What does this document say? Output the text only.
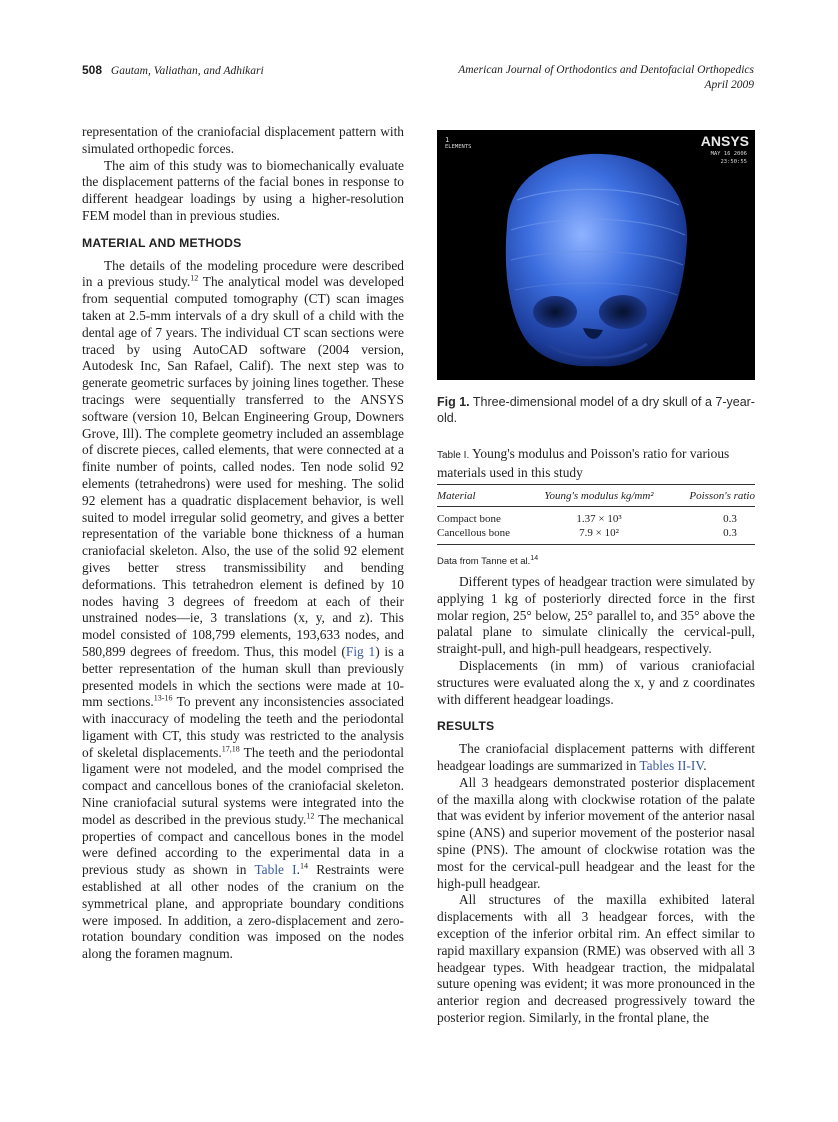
508 Gautam, Valiathan, and Adhikari	American Journal of Orthodontics and Dentofacial Orthopedics
April 2009

representation of the craniofacial displacement pattern with simulated orthopedic forces.

The aim of this study was to biomechanically evaluate the displacement patterns of the facial bones in response to different headgear loadings by using a higher-resolution FEM model than in previous studies.

MATERIAL AND METHODS

The details of the modeling procedure were described in a previous study.$^{12}$ The analytical model was developed from sequential computed tomography (CT) scan images taken at 2.5-mm intervals of a dry skull of a child with the dental age of 7 years. The individual CT scan sections were traced by using AutoCAD software (2004 version, Autodesk Inc, San Rafael, Calif). The next step was to generate geometric surfaces by joining lines together. These tracings were sequentially transferred to the ANSYS software (version 10, Belcan Engineering Group, Downers Grove, Ill). The complete geometry included an assemblage of discrete pieces, called elements, that were connected at a finite number of points, called nodes. Ten node solid 92 elements (tetrahedrons) were used for meshing. The solid 92 element has a quadratic displacement behavior, is well suited to model irregular solid geometry, and gives a better representation of the variable bone thickness of a human craniofacial skeleton. Also, the use of the solid 92 element gives better stress transmissibility and bending deformations. This tetrahedron element is defined by 10 nodes having 3 degrees of freedom at each of their unstrained nodes—ie, 3 translations (x, y, and z). This model consisted of 108,799 elements, 193,633 nodes, and 580,899 degrees of freedom. Thus, this model (Fig 1) is a better representation of the human skull than previously presented models in which the sections were made at 10-mm sections.$^{13-16}$ To prevent any inconsistencies associated with inaccuracy of modeling the teeth and the periodontal ligament with CT, this study was restricted to the analysis of skeletal displacements.$^{17,18}$ The teeth and the periodontal ligament were not modeled, and the model comprised the compact and cancellous bones of the craniofacial skeleton. Nine craniofacial sutural systems were integrated into the model as described in the previous study.$^{12}$ The mechanical properties of compact and cancellous bones in the model were defined according to the experimental data in a previous study as shown in Table I.$^{14}$ Restraints were established at all other nodes of the cranium on the symmetrical plane, and appropriate boundary conditions were imposed. In addition, a zero-displacement and zero-rotation boundary condition was imposed on the nodes along the foramen magnum.

1
ELEMENTS	ANSYS
MAY 16 2006
23:50:55
Fig 1. Three-dimensional model of a dry skull of a 7-year-old.
Table I. Young's modulus and Poisson's ratio for various materials used in this study
Material	Young's modulus kg/mm²	Poisson's ratio
Compact bone	1.37 × 10³	0.3
Cancellous bone	7.9 × 10²	0.3
Data from Tanne et al.$^{14}$

Different types of headgear traction were simulated by applying 1 kg of posteriorly directed force in the first molar region, 25° below, 25° parallel to, and 35° above the palatal plane to simulate clinically the cervical-pull, straight-pull, and high-pull headgears, respectively.

Displacements (in mm) of various craniofacial structures were evaluated along the x, y and z coordinates with different headgear loadings.

RESULTS

The craniofacial displacement patterns with different headgear loadings are summarized in Tables II-IV.

All 3 headgears demonstrated posterior displacement of the maxilla along with clockwise rotation of the palate that was evident by inferior movement of the anterior nasal spine (ANS) and superior movement of the posterior nasal spine (PNS). The amount of clockwise rotation was the most for the cervical-pull headgear and the least for the high-pull headgear.

All structures of the maxilla exhibited lateral displacements with all 3 headgear forces, with the exception of the inferior orbital rim. An effect similar to rapid maxillary expansion (RME) was observed with all 3 headgear types. With headgear traction, the midpalatal suture opening was evident; it was more pronounced in the anterior region and decreased progressively toward the posterior region. Similarly, in the frontal plane, the
